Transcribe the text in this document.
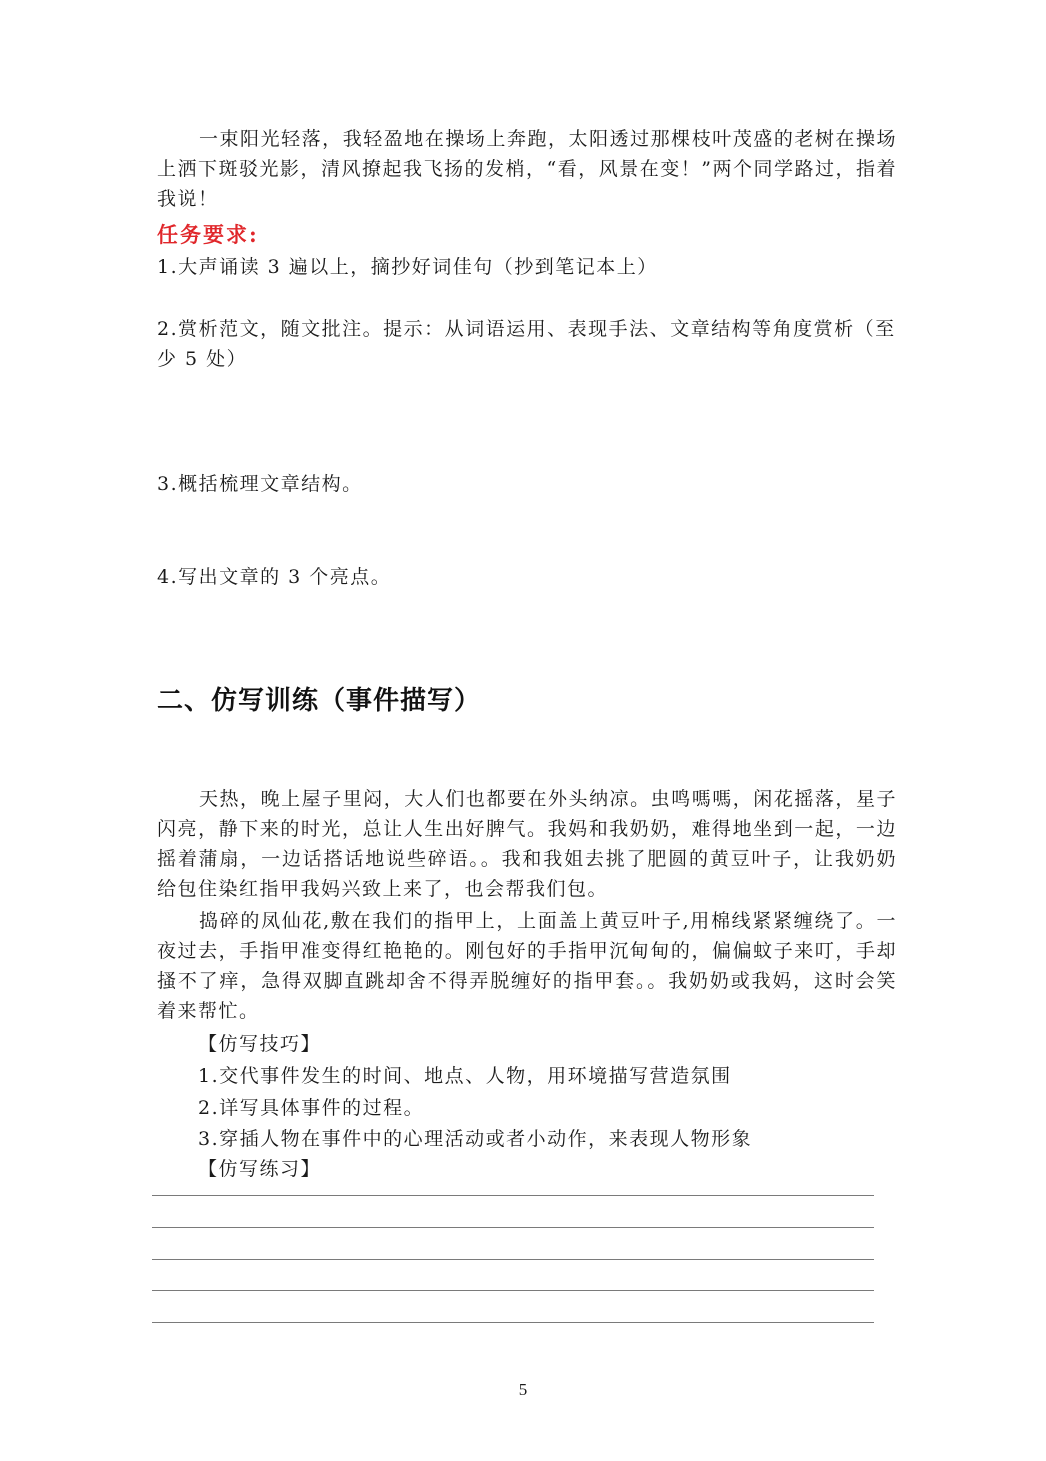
一束阳光轻落，我轻盈地在操场上奔跑，太阳透过那棵枝叶茂盛的老树在操场上洒下斑驳光影，清风撩起我飞扬的发梢，“看，风景在变！”两个同学路过，指着我说！

任务要求:

1.大声诵读 3 遍以上，摘抄好词佳句（抄到笔记本上）

2.赏析范文，随文批注。提示：从词语运用、表现手法、文章结构等角度赏析（至少 5 处）

3.概括梳理文章结构。

4.写出文章的 3 个亮点。

二、仿写训练（事件描写）

天热，晚上屋子里闷，大人们也都要在外头纳凉。虫鸣嗎嗎，闲花摇落，星子闪亮，静下来的时光，总让人生出好脾气。我妈和我奶奶，难得地坐到一起，一边摇着蒲扇，一边话搭话地说些碎语。。我和我姐去挑了肥圆的黄豆叶子，让我奶奶给包住染红指甲我妈兴致上来了，也会帮我们包。

捣碎的凤仙花,敷在我们的指甲上，上面盖上黄豆叶子,用棉线紧紧缠绕了。一夜过去，手指甲准变得红艳艳的。刚包好的手指甲沉甸甸的，偏偏蚊子来叮，手却搔不了痒，急得双脚直跳却舍不得弄脱缠好的指甲套。。我奶奶或我妈，这时会笑着来帮忙。

【仿写技巧】

1.交代事件发生的时间、地点、人物，用环境描写营造氛围

2.详写具体事件的过程。

3.穿插人物在事件中的心理活动或者小动作，来表现人物形象

【仿写练习】

5
